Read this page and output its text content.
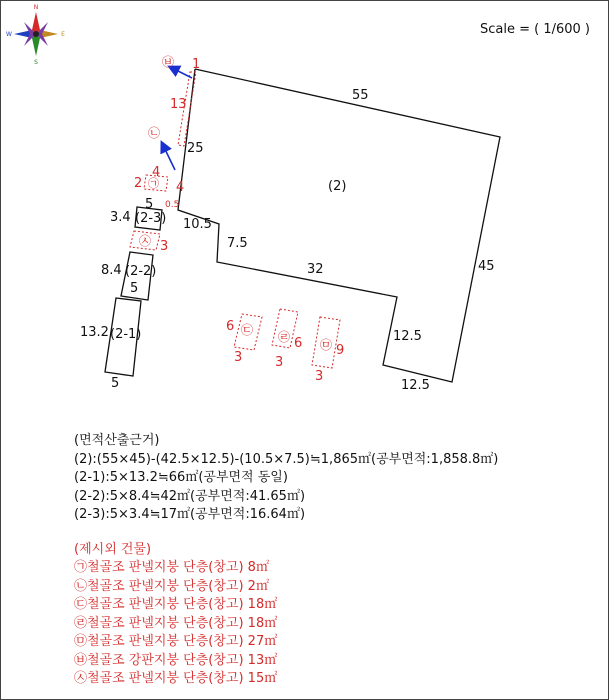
N
S
E
W
(2)
55
45
32
12.5
12.5
25
10.5
7.5
(2-3)
5
3.4
(2-2)
5
8.4
(2-1)
5
13.2
㉠
2
4
4
0.5
㉡
㉥ 1
13
㉦ 3
㉢
6
3
㉣ 6
3
㉤ 9
3
Scale = ( 1/600 )
(면적산출근거)
(2):(55×45)-(42.5×12.5)-(10.5×7.5)≒1,865㎡(공부면적:1,858.8㎡)
(2-1):5×13.2≒66㎡(공부면적 동일)
(2-2):5×8.4≒42㎡(공부면적:41.65㎡)
(2-3):5×3.4≒17㎡(공부면적:16.64㎡)
(제시외 건물)
㉠철골조 판넬지붕 단층(창고) 8㎡
㉡철골조 판넬지붕 단층(창고) 2㎡
㉢철골조 판넬지붕 단층(창고) 18㎡
㉣철골조 판넬지붕 단층(창고) 18㎡
㉤철골조 판넬지붕 단층(창고) 27㎡
㉥철골조 강판지붕 단층(창고) 13㎡
㉦철골조 판넬지붕 단층(창고) 15㎡
